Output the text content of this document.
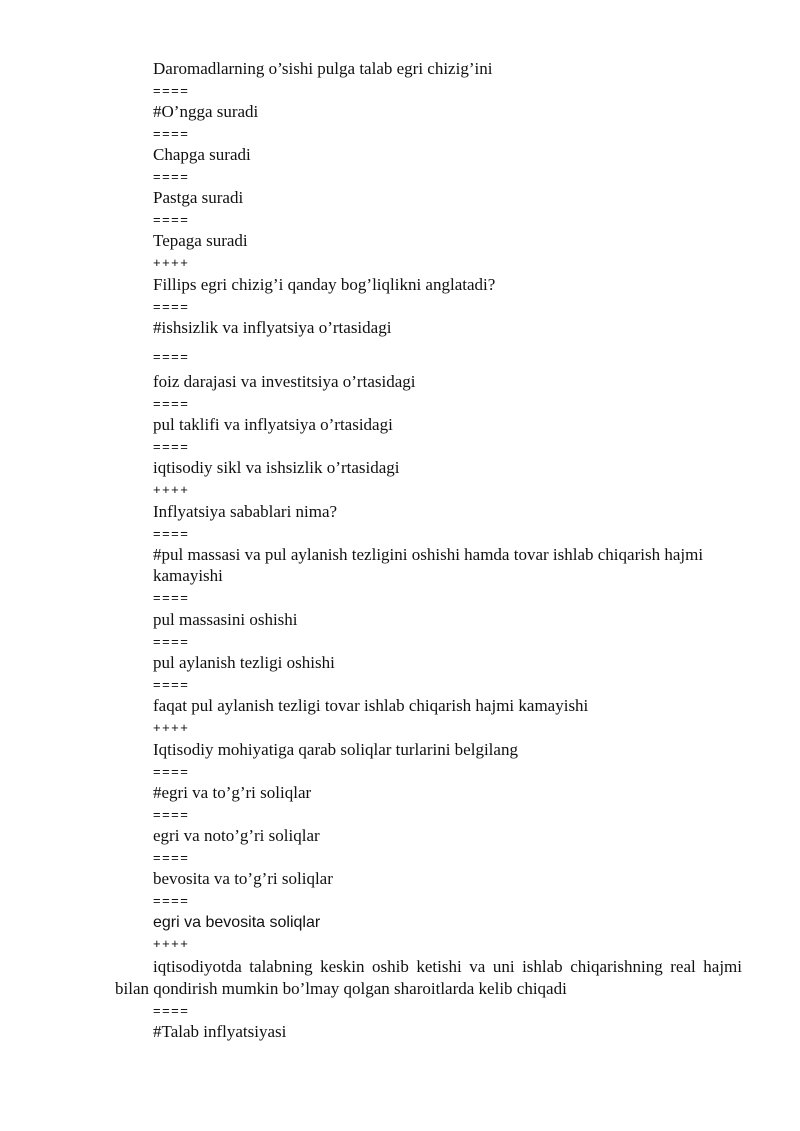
Daromadlarning o’sishi pulga talab egri chizig’ini
====
#O’ngga suradi
====
Chapga suradi
====
Pastga suradi
====
Tepaga suradi
++++
Fillips egri chizig’i qanday bog’liqlikni anglatadi?
====
#ishsizlik va inflyatsiya o’rtasidagi
====
foiz darajasi va investitsiya o’rtasidagi
====
pul taklifi va inflyatsiya o’rtasidagi
====
iqtisodiy sikl va ishsizlik o’rtasidagi
++++
Inflyatsiya sabablari nima?
====
#pul massasi va pul aylanish tezligini oshishi hamda tovar ishlab chiqarish hajmi kamayishi
====
pul massasini oshishi
====
pul aylanish tezligi oshishi
====
faqat pul aylanish tezligi tovar ishlab chiqarish hajmi kamayishi
++++
Iqtisodiy mohiyatiga qarab soliqlar turlarini belgilang
====
#egri va to’g’ri soliqlar
====
egri va noto’g’ri soliqlar
====
bevosita va to’g’ri soliqlar
====
egri va bevosita soliqlar
++++
iqtisodiyotda talabning keskin oshib ketishi va uni ishlab chiqarishning real hajmi bilan qondirish mumkin bo’lmay qolgan sharoitlarda kelib chiqadi
====
#Talab inflyatsiyasi
